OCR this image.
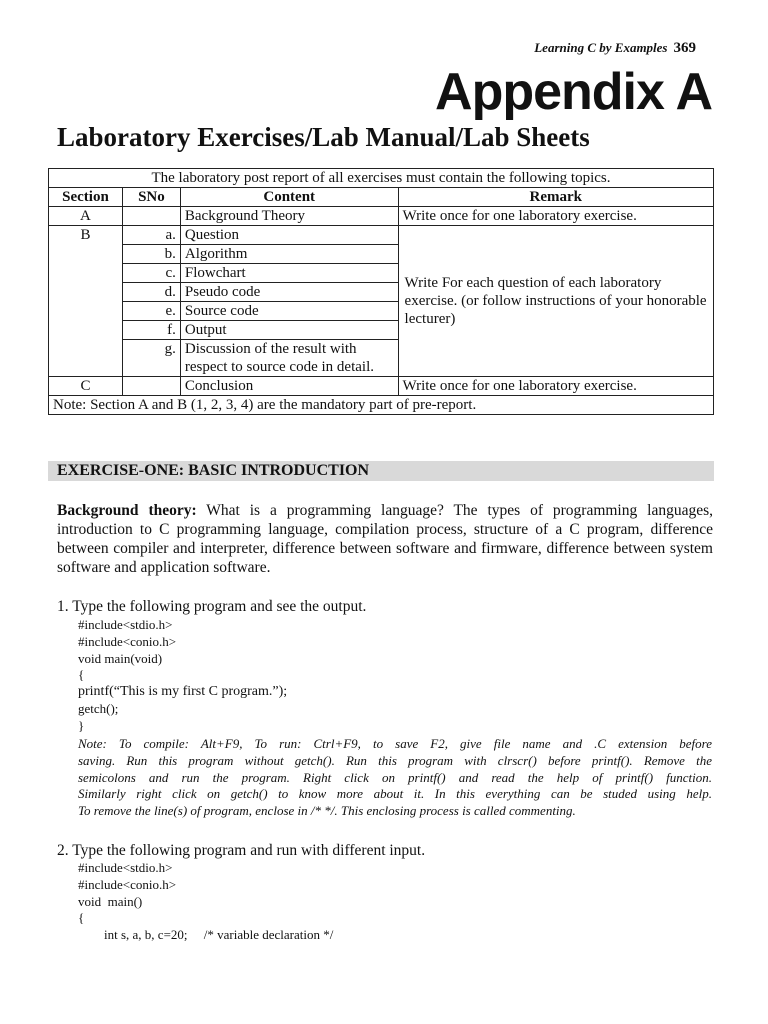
Learning C by Examples 369
Appendix A
Laboratory Exercises/Lab Manual/Lab Sheets
The laboratory post report of all exercises must contain the following topics.			
Section	SNo	Content	Remark
A		Background Theory	Write once for one laboratory exercise.
B	a.	Question	Write For each question of each laboratory exercise. (or follow instructions of your honorable lecturer)
	b.	Algorithm	
	c.	Flowchart	
	d.	Pseudo code	
	e.	Source code	
	f.	Output	
	g.	Discussion of the result with respect to source code in detail.	
C		Conclusion	Write once for one laboratory exercise.
Note: Section A and B (1, 2, 3, 4) are the mandatory part of pre-report.			
EXERCISE-ONE: BASIC INTRODUCTION
Background theory: What is a programming language? The types of programming languages, introduction to C programming language, compilation process, structure of a C program, difference between compiler and interpreter, difference between software and firmware, difference between system software and application software.
1. Type the following program and see the output.
#include<stdio.h>
#include<conio.h>
void main(void)
{
printf(“This is my first C program.”);
getch();
}
Note: To compile: Alt+F9, To run: Ctrl+F9, to save F2, give file name and .C extension before
saving. Run this program without getch(). Run this program with clrscr() before printf(). Remove the
semicolons and run the program. Right click on printf() and read the help of printf() function.
Similarly right click on getch() to know more about it. In this everything can be studed using help.
To remove the line(s) of program, enclose in /* */. This enclosing process is called commenting.
2. Type the following program and run with different input.
#include<stdio.h>
#include<conio.h>
void  main()
{
int s, a, b, c=20;     /* variable declaration */
